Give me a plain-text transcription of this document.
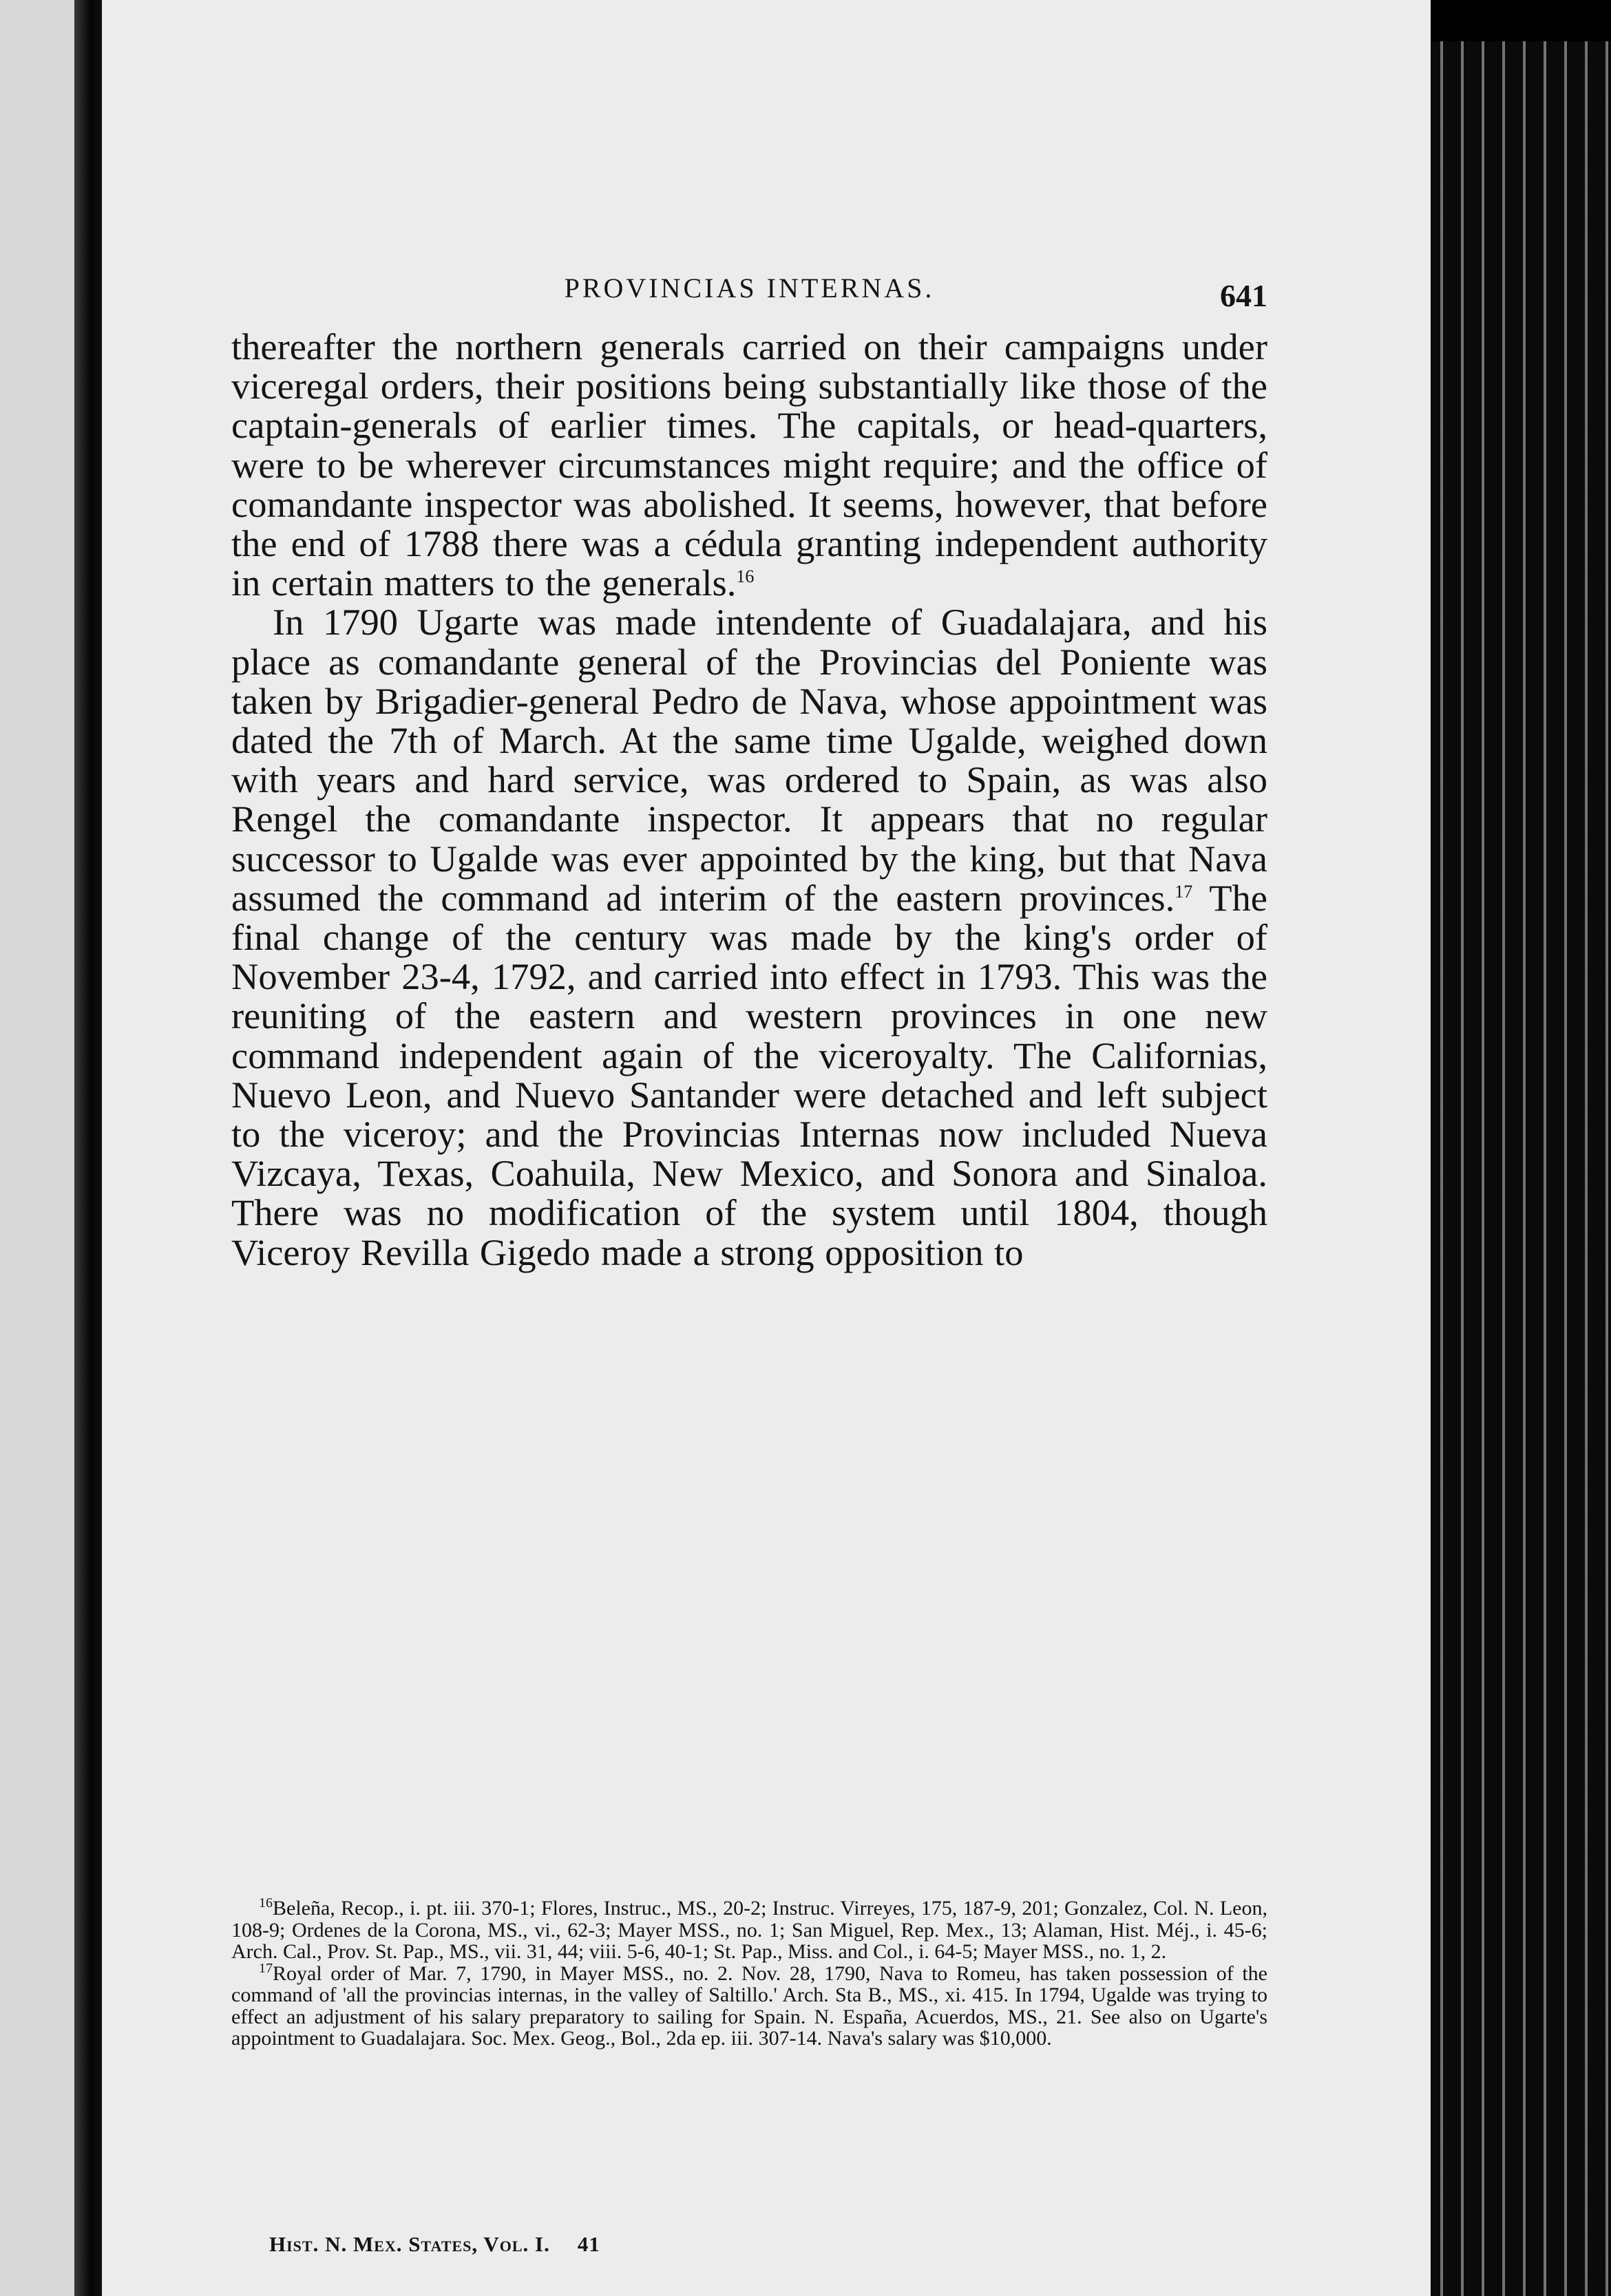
PROVINCIAS INTERNAS.	641

thereafter the northern generals carried on their campaigns under viceregal orders, their positions being substantially like those of the captain-generals of earlier times. The capitals, or head-quarters, were to be wherever circumstances might require; and the office of comandante inspector was abolished. It seems, however, that before the end of 1788 there was a cédula granting independent authority in certain matters to the generals.$^{16}$

In 1790 Ugarte was made intendente of Guadalajara, and his place as comandante general of the Provincias del Poniente was taken by Brigadier-general Pedro de Nava, whose appointment was dated the 7th of March. At the same time Ugalde, weighed down with years and hard service, was ordered to Spain, as was also Rengel the comandante inspector. It appears that no regular successor to Ugalde was ever appointed by the king, but that Nava assumed the command ad interim of the eastern provinces.$^{17}$ The final change of the century was made by the king's order of November 23-4, 1792, and carried into effect in 1793. This was the reuniting of the eastern and western provinces in one new command independent again of the viceroyalty. The Californias, Nuevo Leon, and Nuevo Santander were detached and left subject to the viceroy; and the Provincias Internas now included Nueva Vizcaya, Texas, Coahuila, New Mexico, and Sonora and Sinaloa. There was no modification of the system until 1804, though Viceroy Revilla Gigedo made a strong opposition to

$^{16}$Beleña, Recop., i. pt. iii. 370-1; Flores, Instruc., MS., 20-2; Instruc. Virreyes, 175, 187-9, 201; Gonzalez, Col. N. Leon, 108-9; Ordenes de la Corona, MS., vi., 62-3; Mayer MSS., no. 1; San Miguel, Rep. Mex., 13; Alaman, Hist. Méj., i. 45-6; Arch. Cal., Prov. St. Pap., MS., vii. 31, 44; viii. 5-6, 40-1; St. Pap., Miss. and Col., i. 64-5; Mayer MSS., no. 1, 2.

$^{17}$Royal order of Mar. 7, 1790, in Mayer MSS., no. 2. Nov. 28, 1790, Nava to Romeu, has taken possession of the command of 'all the provincias internas, in the valley of Saltillo.' Arch. Sta B., MS., xi. 415. In 1794, Ugalde was trying to effect an adjustment of his salary preparatory to sailing for Spain. N. España, Acuerdos, MS., 21. See also on Ugarte's appointment to Guadalajara. Soc. Mex. Geog., Bol., 2da ep. iii. 307-14. Nava's salary was $10,000.

Hist. N. Mex. States, Vol. I. 41
